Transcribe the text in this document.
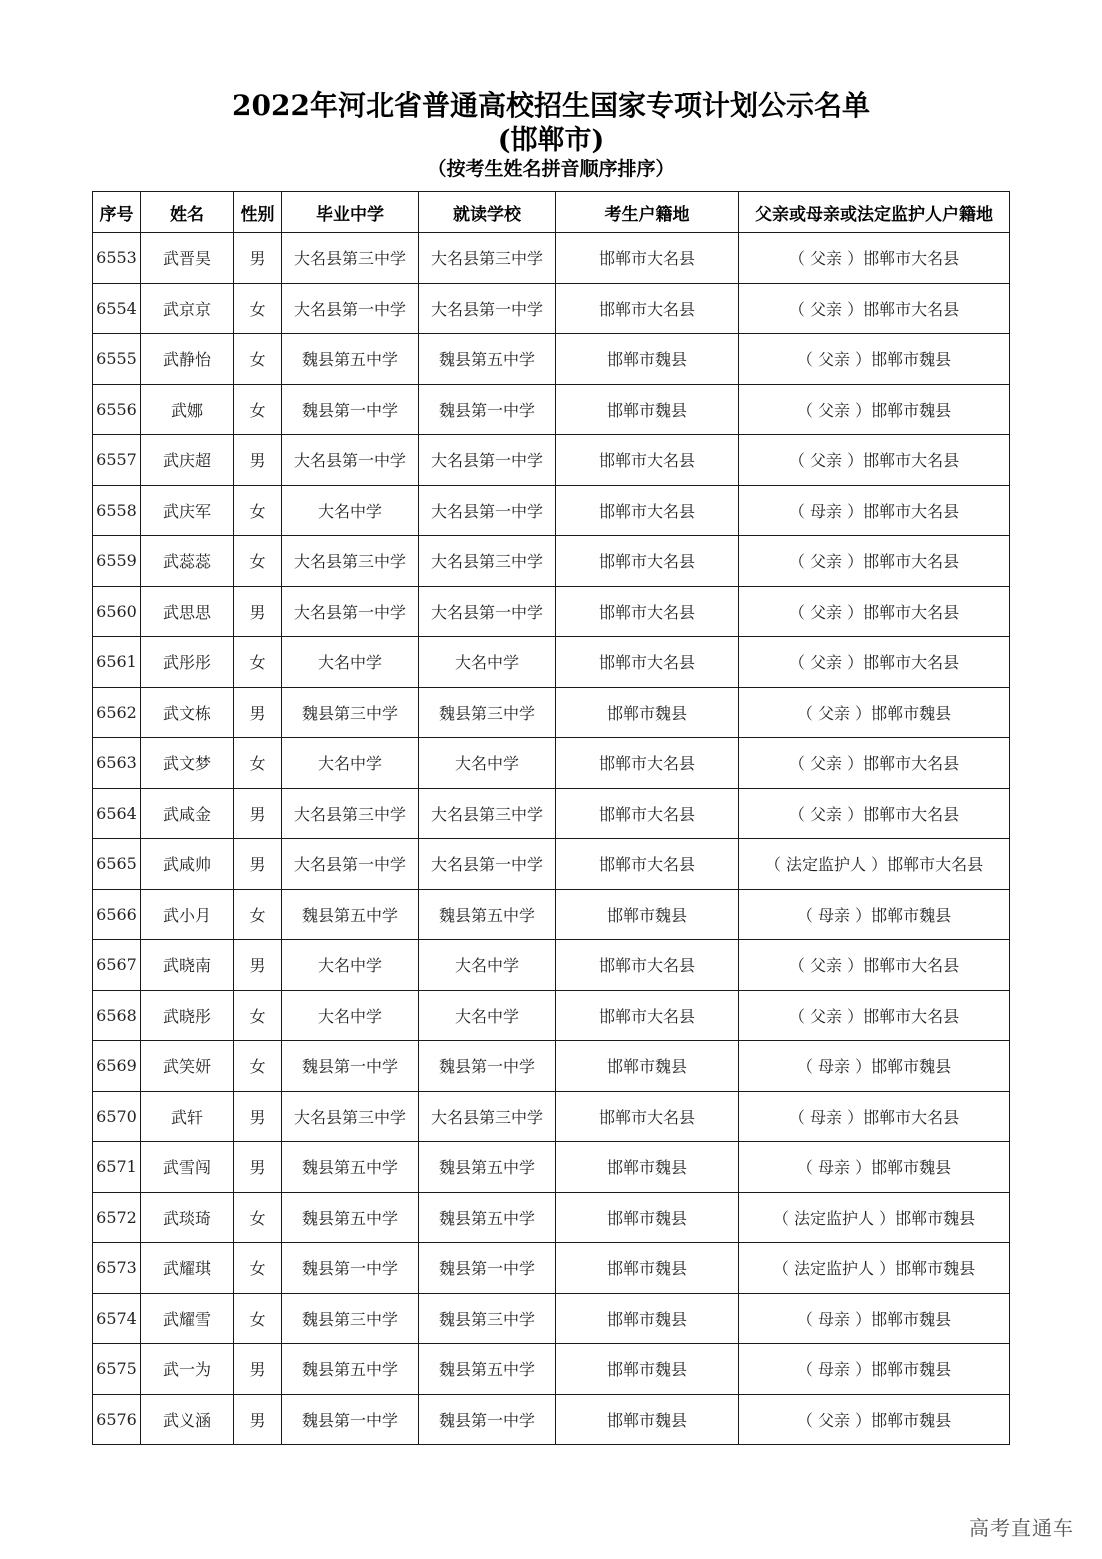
2022年河北省普通高校招生国家专项计划公示名单
(邯郸市)
（按考生姓名拼音顺序排序）
序号	姓名	性别	毕业中学	就读学校	考生户籍地	父亲或母亲或法定监护人户籍地
6553	武晋昊	男	大名县第三中学	大名县第三中学	邯郸市大名县	（ 父亲 ）邯郸市大名县
6554	武京京	女	大名县第一中学	大名县第一中学	邯郸市大名县	（ 父亲 ）邯郸市大名县
6555	武静怡	女	魏县第五中学	魏县第五中学	邯郸市魏县	（ 父亲 ）邯郸市魏县
6556	武娜	女	魏县第一中学	魏县第一中学	邯郸市魏县	（ 父亲 ）邯郸市魏县
6557	武庆超	男	大名县第一中学	大名县第一中学	邯郸市大名县	（ 父亲 ）邯郸市大名县
6558	武庆军	女	大名中学	大名县第一中学	邯郸市大名县	（ 母亲 ）邯郸市大名县
6559	武蕊蕊	女	大名县第三中学	大名县第三中学	邯郸市大名县	（ 父亲 ）邯郸市大名县
6560	武思思	男	大名县第一中学	大名县第一中学	邯郸市大名县	（ 父亲 ）邯郸市大名县
6561	武彤彤	女	大名中学	大名中学	邯郸市大名县	（ 父亲 ）邯郸市大名县
6562	武文栋	男	魏县第三中学	魏县第三中学	邯郸市魏县	（ 父亲 ）邯郸市魏县
6563	武文梦	女	大名中学	大名中学	邯郸市大名县	（ 父亲 ）邯郸市大名县
6564	武咸金	男	大名县第三中学	大名县第三中学	邯郸市大名县	（ 父亲 ）邯郸市大名县
6565	武咸帅	男	大名县第一中学	大名县第一中学	邯郸市大名县	（ 法定监护人 ）邯郸市大名县
6566	武小月	女	魏县第五中学	魏县第五中学	邯郸市魏县	（ 母亲 ）邯郸市魏县
6567	武晓南	男	大名中学	大名中学	邯郸市大名县	（ 父亲 ）邯郸市大名县
6568	武晓彤	女	大名中学	大名中学	邯郸市大名县	（ 父亲 ）邯郸市大名县
6569	武笑妍	女	魏县第一中学	魏县第一中学	邯郸市魏县	（ 母亲 ）邯郸市魏县
6570	武轩	男	大名县第三中学	大名县第三中学	邯郸市大名县	（ 母亲 ）邯郸市大名县
6571	武雪闯	男	魏县第五中学	魏县第五中学	邯郸市魏县	（ 母亲 ）邯郸市魏县
6572	武琰琦	女	魏县第五中学	魏县第五中学	邯郸市魏县	（ 法定监护人 ）邯郸市魏县
6573	武耀琪	女	魏县第一中学	魏县第一中学	邯郸市魏县	（ 法定监护人 ）邯郸市魏县
6574	武耀雪	女	魏县第三中学	魏县第三中学	邯郸市魏县	（ 母亲 ）邯郸市魏县
6575	武一为	男	魏县第五中学	魏县第五中学	邯郸市魏县	（ 母亲 ）邯郸市魏县
6576	武义涵	男	魏县第一中学	魏县第一中学	邯郸市魏县	（ 父亲 ）邯郸市魏县
高考直通车
